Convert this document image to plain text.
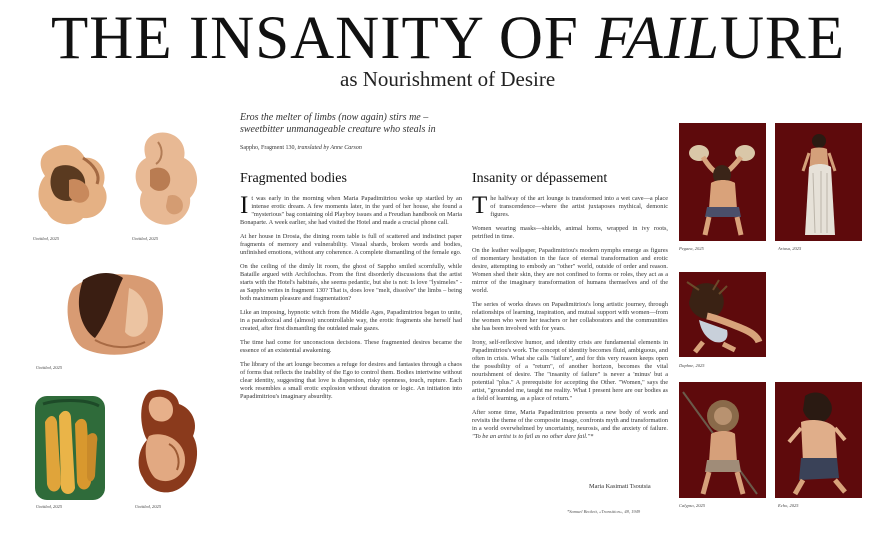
THE INSANITY OF FAILURE
as Nourishment of Desire
Eros the melter of limbs (now again) stirs me – sweetbitter unmanageable creature who steals in
Sappho, Fragment 130, translated by Anne Carson
Fragmented bodies

It was early in the morning when Maria Papadimitriou woke up startled by an intense erotic dream. A few moments later, in the yard of her house, she found a "mysterious" bag containing old Playboy issues and a Freudian handbook on Maria Bonaparte. A week earlier, she had visited the Hotel and made a crucial phone call.

At her house in Drosia, the dining room table is full of scattered and indistinct paper fragments of memory and vulnerability. Visual shards, broken words and bodies, unfinished emotions, without any coherence. A complete dismantling of the female ego.

On the ceiling of the dimly lit room, the ghost of Sappho smiled scornfully, while Bataille argued with Archilochus. From the first disorderly discussions that the artist starts with the Hotel's habitués, she seems pedantic, but she is not: Is love "lysimeles" - as Sappho writes in fragment 130? That is, does love "melt, dissolve" the limbs – being both maximum pleasure and fragmentation?

Like an imposing, hypnotic witch from the Middle Ages, Papadimitriou began to unite, in a paradoxical and (almost) uncontrollable way, the erotic fragments she herself had created, after first dismantling the outdated male gazes.

The time had come for unconscious decisions. These fragmented desires became the essence of an existential awakening.

The library of the art lounge becomes a refuge for desires and fantasies through a chaos of forms that reflects the inability of the Ego to control them. Bodies intertwine without clear identity, suggesting that love is dispersion, risky openness, touch, rupture. Each work resembles a small erotic explosion without duration or logic. An initiation into Papadimitriou's imaginary absurdity.

Insanity or dépassement

The halfway of the art lounge is transformed into a wet cave—a place of transcendence—where the artist juxtaposes mythical, demonic figures.

Women wearing masks—shields, animal horns, wrapped in ivy roots, petrified in time.

On the leather wallpaper, Papadimitriou's modern nymphs emerge as figures of momentary hesitation in the face of eternal transformation and erotic desire, attempting to embody an "other" world, outside of order and reason. Women shed their skin, they are not confined to forms or roles, they act as a mirror of the imaginary transformation of humans themselves and of the world.

The series of works draws on Papadimitriou's long artistic journey, through relationships of learning, inspiration, and mutual support with women—from the women who were her teachers or her collaborators and the communities she has been involved with for years.

Irony, self-reflexive humor, and identity crisis are fundamental elements in Papadimitriou's work. The concept of identity becomes fluid, ambiguous, and often in crisis. What she calls "failure", and for this very reason keeps open the possibility of a "return", of another horizon, becomes the vital nourishment of desire. The "insanity of failure" is never a 'minus' but a potential "plus." A prerequisite for accepting the Other. "Women," says the artist, "grounded me, taught me reality. What I present here are our bodies as a field of learning, as a place of return."

After some time, Maria Papadimitriou presents a new body of work and revisits the theme of the composite image, confronts myth and transformation in a world overwhelmed by uncertainty, neurosis, and the anxiety of failure. "To be an artist is to fail as no other dare fail."*

Maria Kasimati Tsoutsia
*Samuel Beckett, «Transition», 48, 1949
Untitled, 2025	Untitled, 2025
Untitled, 2025
Untitled, 2025	Untitled, 2025
Pegaea, 2025	Ariasa, 2025
Daphne, 2025
Calypso, 2025	Echo, 2025
